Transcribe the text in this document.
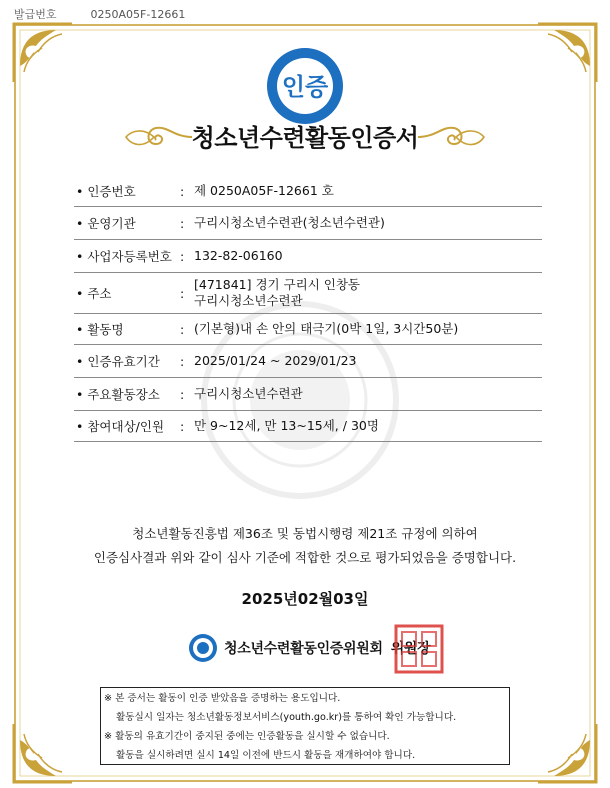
발급번호	0250A05F-12661
인증
청소년수련활동인증서
• 인증번호	: 제 0250A05F-12661 호
• 운영기관	: 구리시청소년수련관(청소년수련관)
• 사업자등록번호 : 132-82-06160
• 주소	:
[471841] 경기 구리시 인창동
구리시청소년수련관
• 활동명	: (기본형)내 손 안의 태극기(0박 1일, 3시간50분)
• 인증유효기간	: 2025/01/24 ~ 2029/01/23
• 주요활동장소	: 구리시청소년수련관
• 참여대상/인원	: 만 9~12세, 만 13~15세, / 30명
청소년활동진흥법 제36조 및 동법시행령 제21조 규정에 의하여
인증심사결과 위와 같이 심사 기준에 적합한 것으로 평가되었음을 증명합니다.
2025년02월03일
청소년수련활동인증위원회 위원장
※ 본 증서는 활동이 인증 받았음을 증명하는 용도입니다.
활동실시 일자는 청소년활동정보서비스(youth.go.kr)를 통하여 확인 가능합니다.
※ 활동의 유효기간이 중지된 중에는 인증활동을 실시할 수 없습니다.
활동을 실시하려면 실시 14일 이전에 반드시 활동을 재개하여야 합니다.
